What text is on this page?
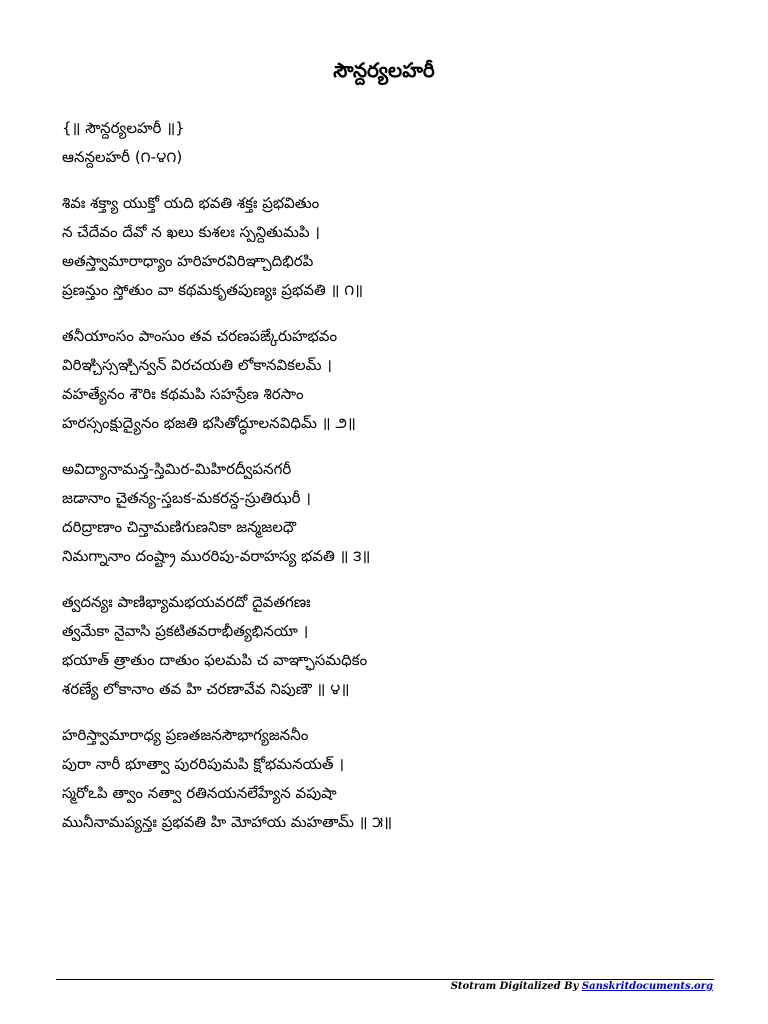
సౌన్దర్యలహరీ
{॥ సౌన్దర్యలహరీ ॥}
ఆనన్దలహరీ (౧-౪౧)
శివః శక్త్యా యుక్తో యది భవతి శక్తః ప్రభవితుం
న చేదేవం దేవో న ఖలు కుశలః స్పన్దితుమపి ।
అతస్త్వామారాధ్యాం హరిహరవిరిఞ్చాదిభిరపి
ప్రణన్తుం స్తోతుం వా కథమకృతపుణ్యః ప్రభవతి ॥ ౧॥
తనీయాంసం పాంసుం తవ చరణపఙ్కేరుహభవం
విరిఞ్చిస్సఞ్చిన్వన్ విరచయతి లోకానవికలమ్ ।
వహత్యేనం శౌరిః కథమపి సహస్రేణ శిరసాం
హరస్సంక్షుద్యైనం భజతి భసితోద్ధూలనవిధిమ్ ॥ ౨॥
అవిద్యానామన్త-స్తిమిర-మిహిరద్వీపనగరీ
జడానాం చైతన్య-స్తబక-మకరన్ద-స్రుతిఝరీ ।
దరిద్రాణాం చిన్తామణిగుణనికా జన్మజలధౌ
నిమగ్నానాం దంష్ట్రా మురరిపు-వరాహస్య భవతి ॥ ౩॥
త్వదన్యః పాణిభ్యామభయవరదో దైవతగణః
త్వమేకా నైవాసి ప్రకటితవరాభీత్యభినయా ।
భయాత్ త్రాతుం దాతుం ఫలమపి చ వాఞ్ఛాసమధికం
శరణ్యే లోకానాం తవ హి చరణావేవ నిపుణౌ ॥ ౪॥
హరిస్త్వామారాధ్య ప్రణతజనసౌభాగ్యజననీం
పురా నారీ భూత్వా పురరిపుమపి క్షోభమనయత్ ।
స్మరోఽపి త్వాం నత్వా రతినయనలేహ్యేన వపుషా
మునీనామప్యన్తః ప్రభవతి హి మోహాయ మహతామ్ ॥ ౫॥
Stotram Digitalized By Sanskritdocuments.org
